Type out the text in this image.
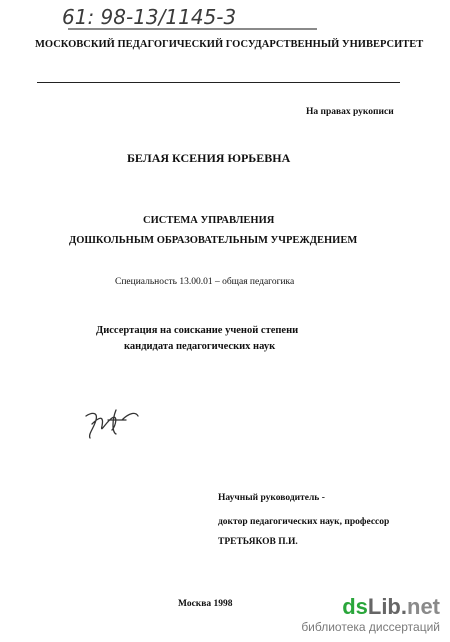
61: 98-13/1145-3
МОСКОВСКИЙ ПЕДАГОГИЧЕСКИЙ ГОСУДАРСТВЕННЫЙ УНИВЕРСИТЕТ
На правах рукописи
БЕЛАЯ КСЕНИЯ ЮРЬЕВНА
СИСТЕМА УПРАВЛЕНИЯ
ДОШКОЛЬНЫМ ОБРАЗОВАТЕЛЬНЫМ УЧРЕЖДЕНИЕМ
Специальность 13.00.01 – общая педагогика
Диссертация на соискание ученой степени
кандидата педагогических наук
Научный руководитель -
доктор педагогических наук, профессор
ТРЕТЬЯКОВ П.И.
Москва 1998	dsLib.net
библиотека диссертаций
